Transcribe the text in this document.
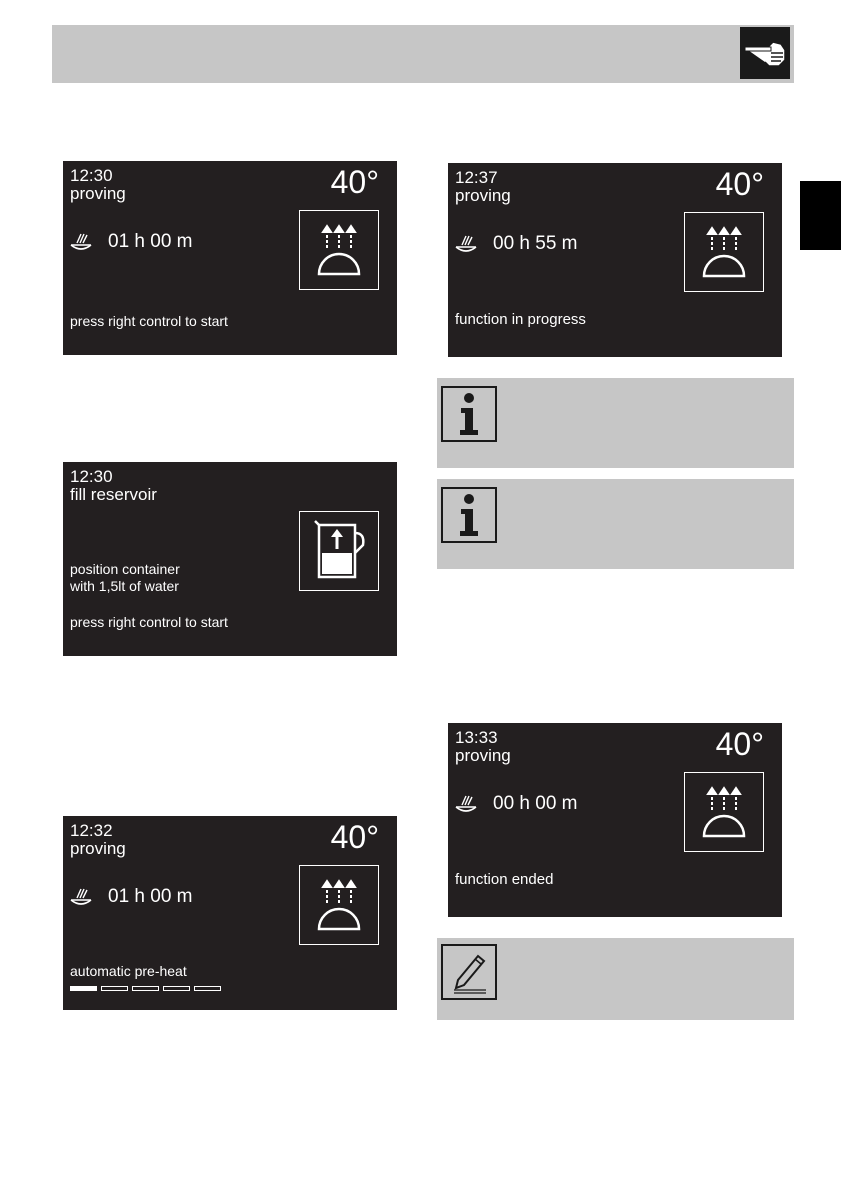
12:30
proving	40°
01 h 00 m
press right control to start
12:30
fill reservoir
position container
with 1,5lt of water
press right control to start
12:32
proving	40°
01 h 00 m
automatic pre-heat
12:37
proving	40°
00 h 55 m
function in progress
13:33
proving	40°
00 h 00 m
function ended
